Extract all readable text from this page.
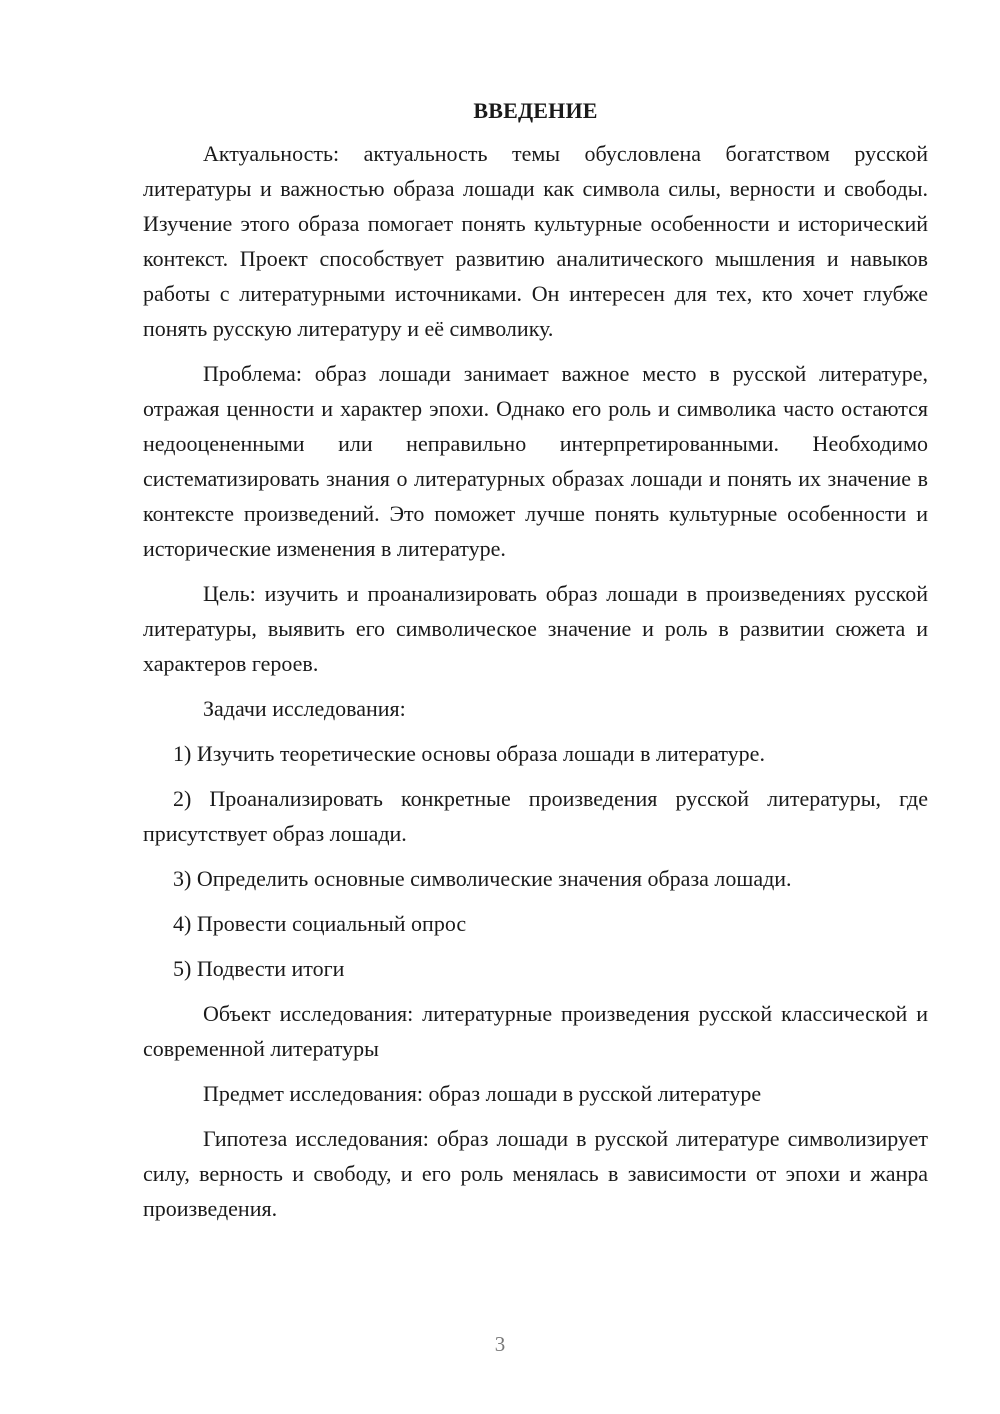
ВВЕДЕНИЕ

Актуальность: актуальность темы обусловлена богатством русской литературы и важностью образа лошади как символа силы, верности и свободы. Изучение этого образа помогает понять культурные особенности и исторический контекст. Проект способствует развитию аналитического мышления и навыков работы с литературными источниками. Он интересен для тех, кто хочет глубже понять русскую литературу и её символику.

Проблема: образ лошади занимает важное место в русской литературе, отражая ценности и характер эпохи. Однако его роль и символика часто остаются недооцененными или неправильно интерпретированными. Необходимо систематизировать знания о литературных образах лошади и понять их значение в контексте произведений. Это поможет лучше понять культурные особенности и исторические изменения в литературе.

Цель: изучить и проанализировать образ лошади в произведениях русской литературы, выявить его символическое значение и роль в развитии сюжета и характеров героев.

Задачи исследования:

1) Изучить теоретические основы образа лошади в литературе.
2) Проанализировать конкретные произведения русской литературы, где присутствует образ лошади.
3) Определить основные символические значения образа лошади.
4) Провести социальный опрос
5) Подвести итоги

Объект исследования: литературные произведения русской классической и современной литературы

Предмет исследования: образ лошади в русской литературе

Гипотеза исследования: образ лошади в русской литературе символизирует силу, верность и свободу, и его роль менялась в зависимости от эпохи и жанра произведения.

3
